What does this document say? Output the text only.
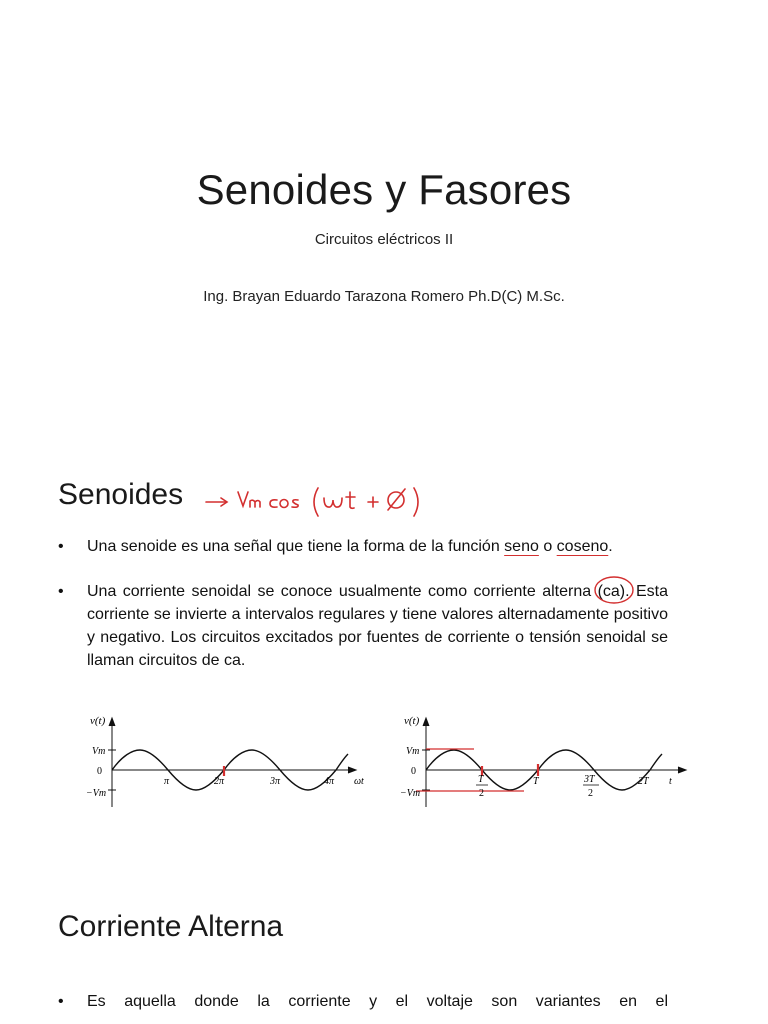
Senoides y Fasores
Circuitos eléctricos II
Ing. Brayan Eduardo Tarazona Romero Ph.D(C) M.Sc.
Senoides
•	Una senoide es una señal que tiene la forma de la función seno o coseno.
•	Una corriente senoidal se conoce usualmente como corriente alterna (ca)
. Esta corriente se invierte a intervalos regulares y tiene valores alternadamente positivo y negativo. Los circuitos excitados por fuentes de corriente o tensión senoidal se llaman circuitos de ca.
v(t)
Vm
0
−Vm
π	2π	3π	4π ωt
v(t)
Vm
0
−Vm
T
2
T	3T
2
2T t
Corriente Alterna
•	Es aquella donde la corriente y el voltaje son variantes en el
